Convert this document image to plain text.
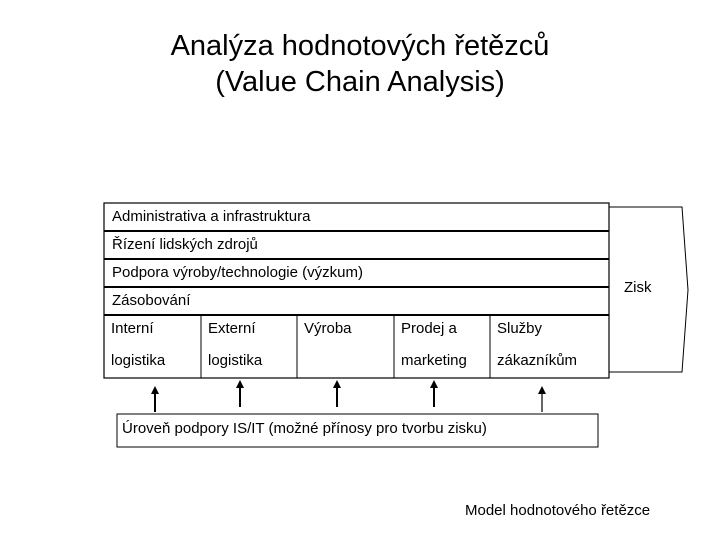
Analýza hodnotových řetězců
(Value Chain Analysis)
Administrativa a infrastruktura
Řízení lidských zdrojů
Podpora výroby/technologie (výzkum)
Zásobování
Interní
logistika
Externí
logistika
Výroba	Prodej a
marketing
Služby
zákazníkům
Zisk
Úroveň podpory IS/IT (možné přínosy pro tvorbu zisku)
Model hodnotového řetězce
